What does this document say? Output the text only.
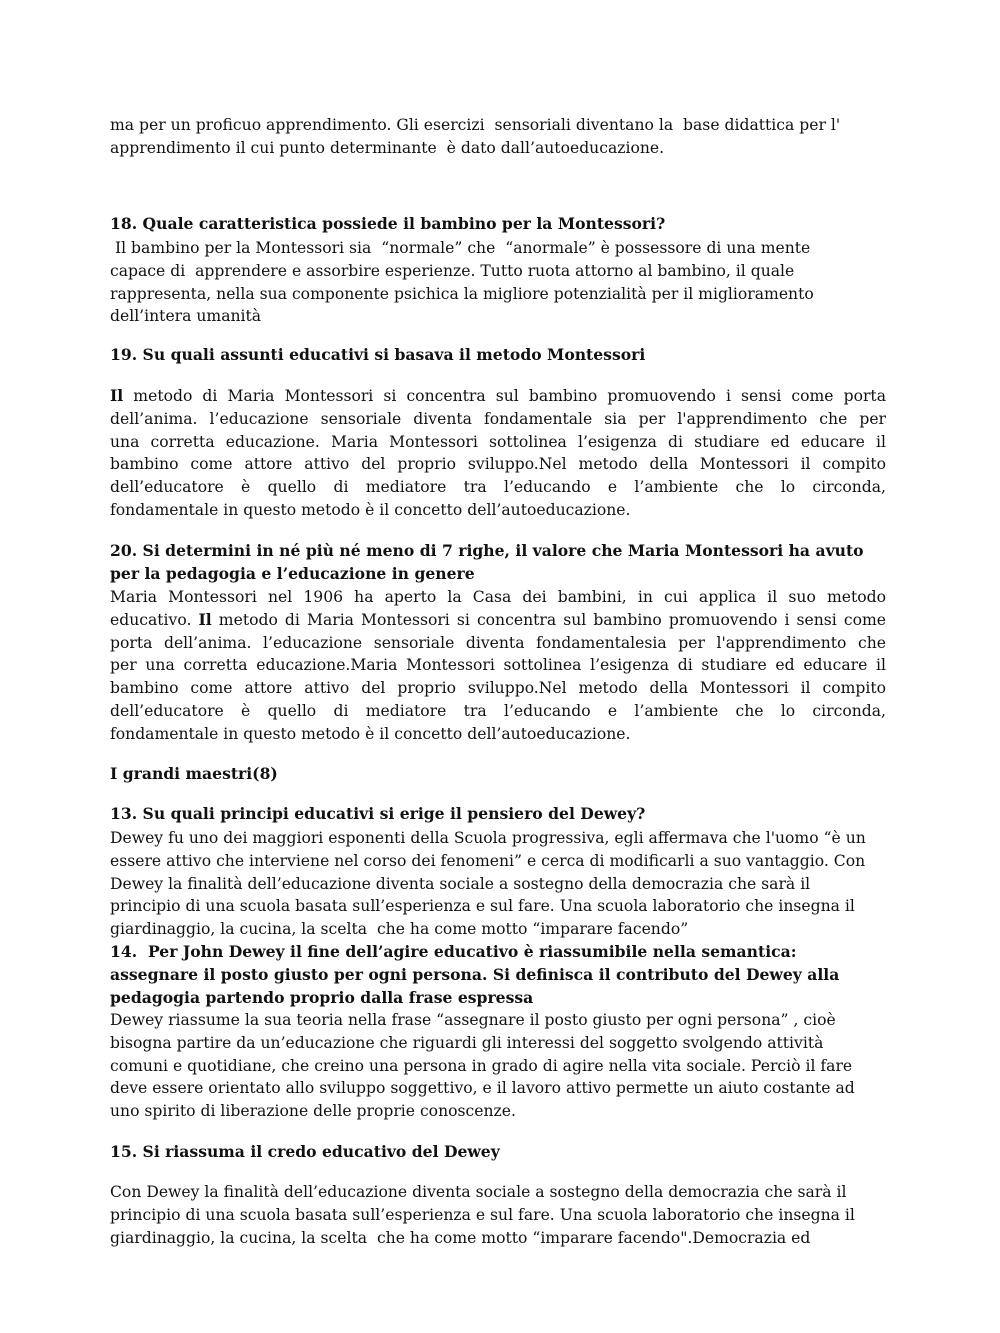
ma per un proficuo apprendimento. Gli esercizi  sensoriali diventano la  base didattica per l'
apprendimento il cui punto determinante  è dato dall’autoeducazione.
18. Quale caratteristica possiede il bambino per la Montessori?
Il bambino per la Montessori sia  “normale” che  “anormale” è possessore di una mente
capace di  apprendere e assorbire esperienze. Tutto ruota attorno al bambino, il quale
rappresenta, nella sua componente psichica la migliore potenzialità per il miglioramento
dell’intera umanità
19. Su quali assunti educativi si basava il metodo Montessori
Il metodo di Maria Montessori si concentra sul bambino promuovendo i sensi come porta
dell’anima. l’educazione sensoriale diventa fondamentale sia per l'apprendimento che per
una corretta educazione. Maria Montessori sottolinea l’esigenza di studiare ed educare il
bambino come attore attivo del proprio sviluppo.Nel metodo della Montessori il compito
dell’educatore è quello di mediatore tra l’educando e l’ambiente che lo circonda,
fondamentale in questo metodo è il concetto dell’autoeducazione.
20. Si determini in né più né meno di 7 righe, il valore che Maria Montessori ha avuto
per la pedagogia e l’educazione in genere
Maria Montessori nel 1906 ha aperto la Casa dei bambini, in cui applica il suo metodo
educativo. Il metodo di Maria Montessori si concentra sul bambino promuovendo i sensi come
porta dell’anima. l’educazione sensoriale diventa fondamentalesia per l'apprendimento che
per una corretta educazione.Maria Montessori sottolinea l’esigenza di studiare ed educare il
bambino come attore attivo del proprio sviluppo.Nel metodo della Montessori il compito
dell’educatore è quello di mediatore tra l’educando e l’ambiente che lo circonda,
fondamentale in questo metodo è il concetto dell’autoeducazione.
I grandi maestri(8)
13. Su quali principi educativi si erige il pensiero del Dewey?
Dewey fu uno dei maggiori esponenti della Scuola progressiva, egli affermava che l'uomo “è un
essere attivo che interviene nel corso dei fenomeni” e cerca di modificarli a suo vantaggio. Con
Dewey la finalità dell’educazione diventa sociale a sostegno della democrazia che sarà il
principio di una scuola basata sull’esperienza e sul fare. Una scuola laboratorio che insegna il
giardinaggio, la cucina, la scelta  che ha come motto “imparare facendo”
14.  Per John Dewey il fine dell’agire educativo è riassumibile nella semantica:
assegnare il posto giusto per ogni persona. Si definisca il contributo del Dewey alla
pedagogia partendo proprio dalla frase espressa
Dewey riassume la sua teoria nella frase “assegnare il posto giusto per ogni persona” , cioè
bisogna partire da un’educazione che riguardi gli interessi del soggetto svolgendo attività
comuni e quotidiane, che creino una persona in grado di agire nella vita sociale. Perciò il fare
deve essere orientato allo sviluppo soggettivo, e il lavoro attivo permette un aiuto costante ad
uno spirito di liberazione delle proprie conoscenze.
15. Si riassuma il credo educativo del Dewey
Con Dewey la finalità dell’educazione diventa sociale a sostegno della democrazia che sarà il
principio di una scuola basata sull’esperienza e sul fare. Una scuola laboratorio che insegna il
giardinaggio, la cucina, la scelta  che ha come motto “imparare facendo".Democrazia ed
